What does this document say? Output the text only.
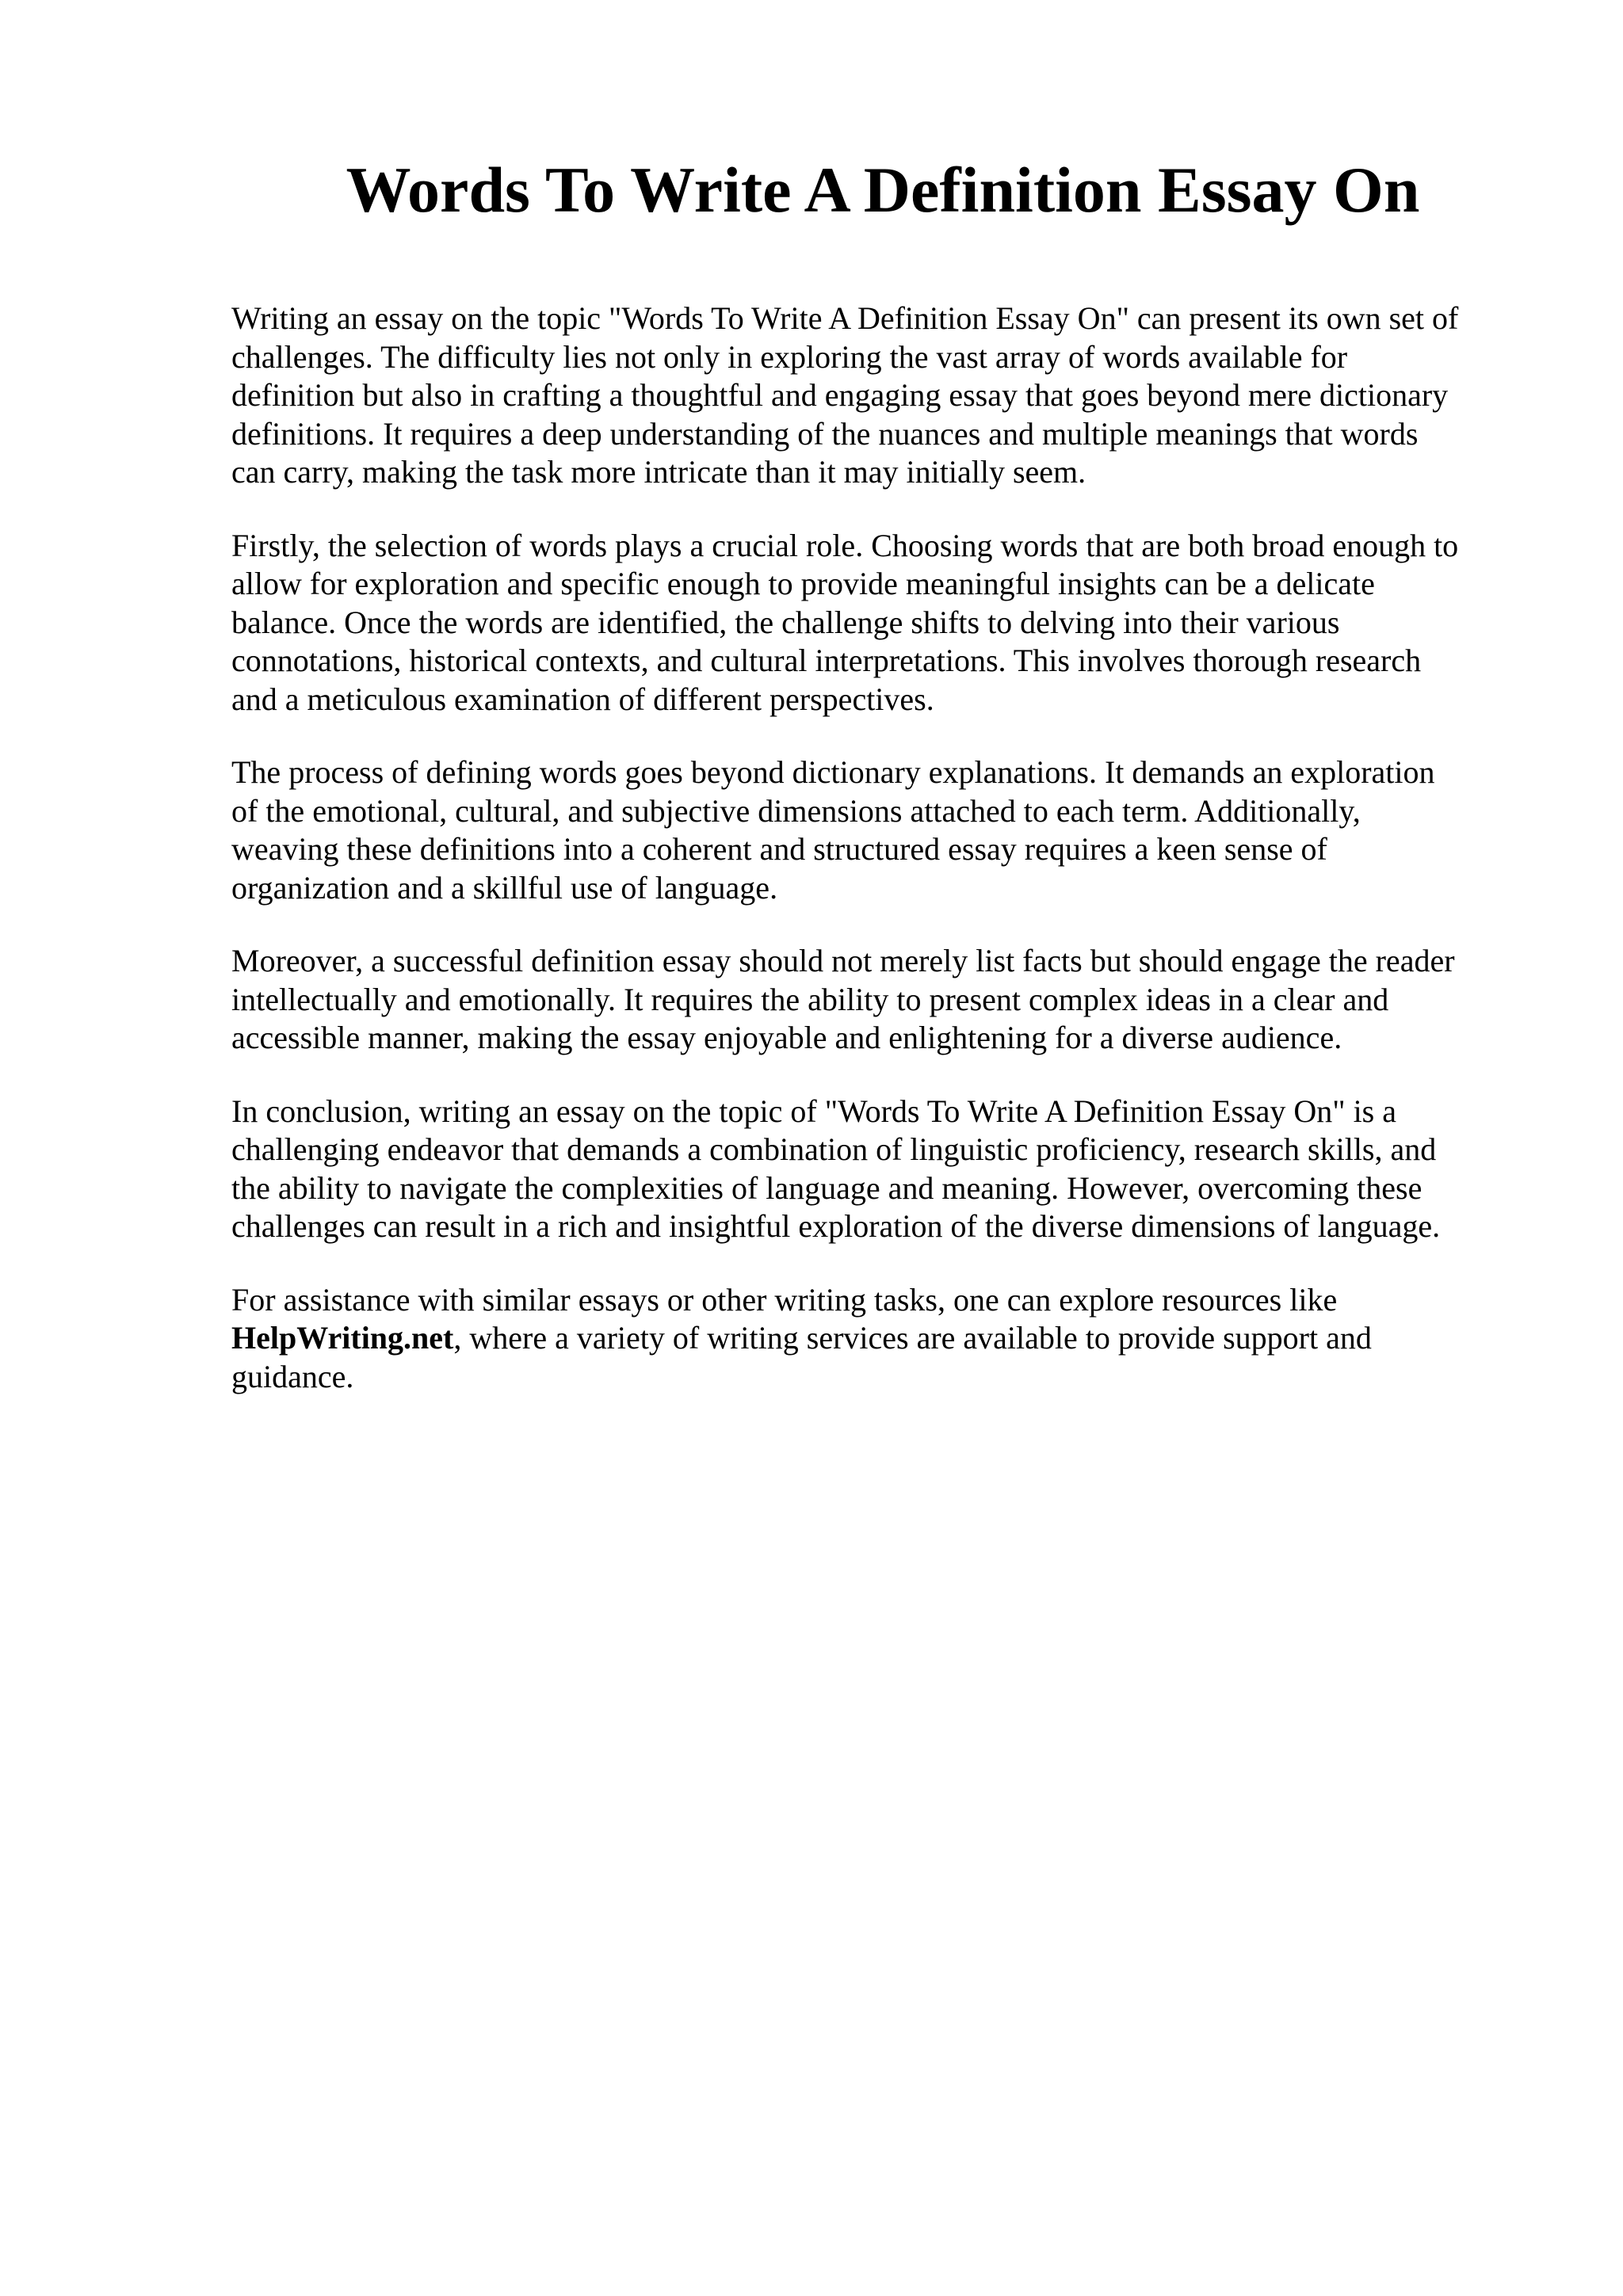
Words To Write A Definition Essay On

Writing an essay on the topic "Words To Write A Definition Essay On" can present its own set of
challenges. The difficulty lies not only in exploring the vast array of words available for
definition but also in crafting a thoughtful and engaging essay that goes beyond mere dictionary
definitions. It requires a deep understanding of the nuances and multiple meanings that words
can carry, making the task more intricate than it may initially seem.

Firstly, the selection of words plays a crucial role. Choosing words that are both broad enough to
allow for exploration and specific enough to provide meaningful insights can be a delicate
balance. Once the words are identified, the challenge shifts to delving into their various
connotations, historical contexts, and cultural interpretations. This involves thorough research
and a meticulous examination of different perspectives.

The process of defining words goes beyond dictionary explanations. It demands an exploration
of the emotional, cultural, and subjective dimensions attached to each term. Additionally,
weaving these definitions into a coherent and structured essay requires a keen sense of
organization and a skillful use of language.

Moreover, a successful definition essay should not merely list facts but should engage the reader
intellectually and emotionally. It requires the ability to present complex ideas in a clear and
accessible manner, making the essay enjoyable and enlightening for a diverse audience.

In conclusion, writing an essay on the topic of "Words To Write A Definition Essay On" is a
challenging endeavor that demands a combination of linguistic proficiency, research skills, and
the ability to navigate the complexities of language and meaning. However, overcoming these
challenges can result in a rich and insightful exploration of the diverse dimensions of language.

For assistance with similar essays or other writing tasks, one can explore resources like
HelpWriting.net, where a variety of writing services are available to provide support and
guidance.
